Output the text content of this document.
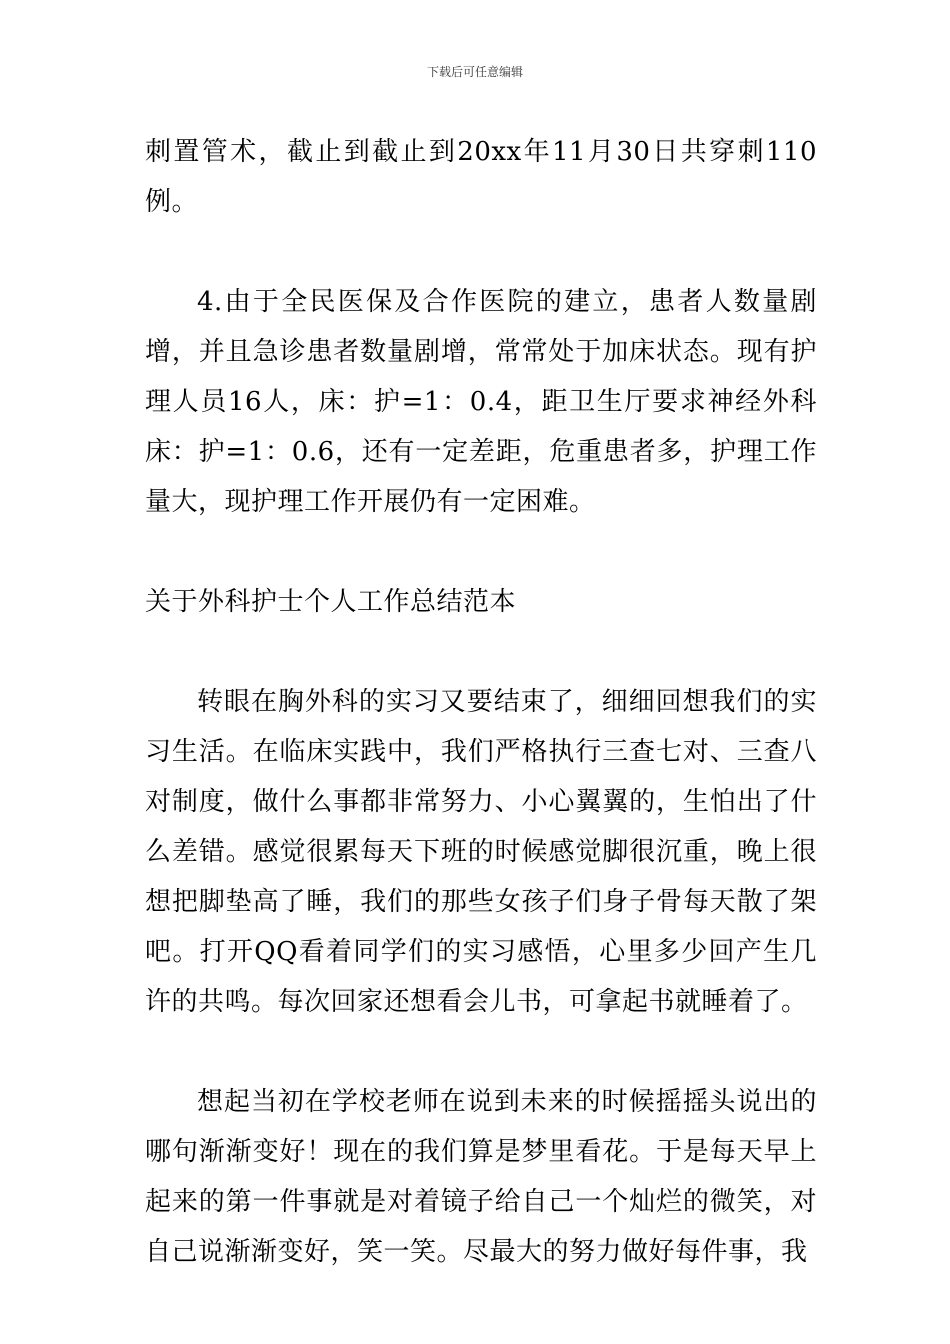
下载后可任意编辑

刺置管术，截止到截止到20xx年11月30日共穿刺110例。

4.由于全民医保及合作医院的建立，患者人数量剧增，并且急诊患者数量剧增，常常处于加床状态。现有护理人员16人，床：护=1：0.4，距卫生厅要求神经外科床：护=1：0.6，还有一定差距，危重患者多，护理工作量大，现护理工作开展仍有一定困难。

关于外科护士个人工作总结范本

转眼在胸外科的实习又要结束了，细细回想我们的实习生活。在临床实践中，我们严格执行三查七对、三查八对制度，做什么事都非常努力、小心翼翼的，生怕出了什么差错。感觉很累每天下班的时候感觉脚很沉重，晚上很想把脚垫高了睡，我们的那些女孩子们身子骨每天散了架吧。打开QQ看着同学们的实习感悟，心里多少回产生几许的共鸣。每次回家还想看会儿书，可拿起书就睡着了。

想起当初在学校老师在说到未来的时候摇摇头说出的哪句渐渐变好！现在的我们算是梦里看花。于是每天早上起来的第一件事就是对着镜子给自己一个灿烂的微笑，对自己说渐渐变好，笑一笑。尽最大的努力做好每件事，我
